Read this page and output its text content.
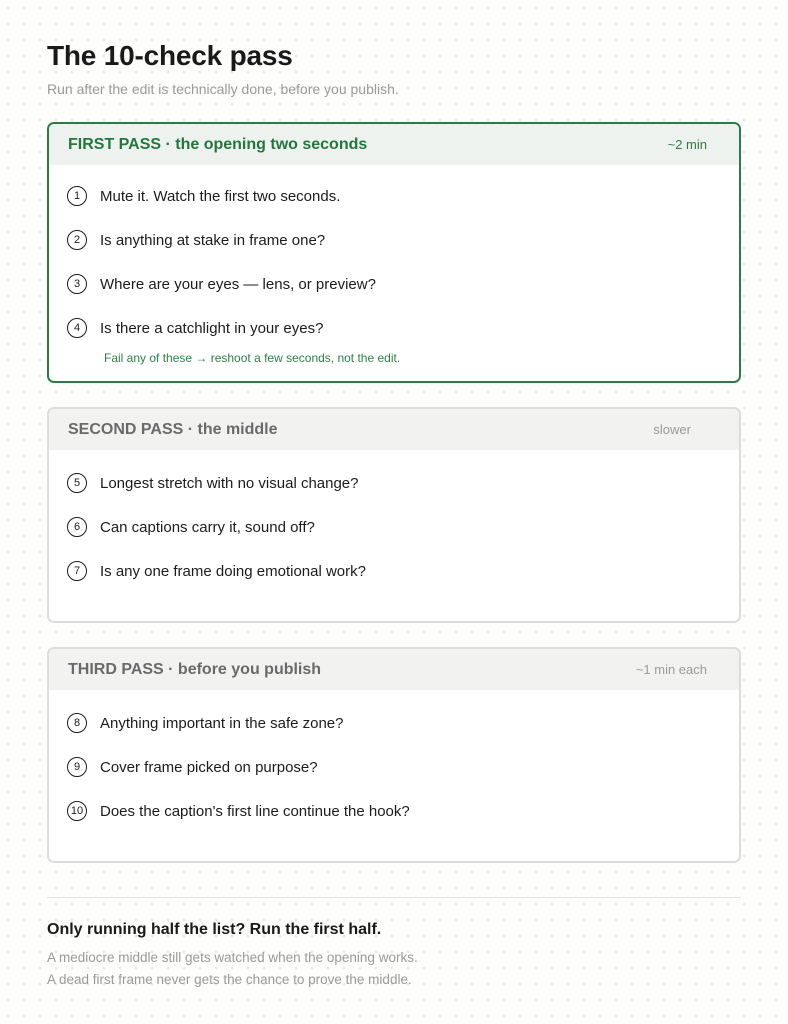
The 10-check pass
Run after the edit is technically done, before you publish.
FIRST PASS · the opening two seconds	~2 min
1	Mute it. Watch the first two seconds.
2	Is anything at stake in frame one?
3	Where are your eyes — lens, or preview?
4	Is there a catchlight in your eyes?
Fail any of these → reshoot a few seconds, not the edit.
SECOND PASS · the middle	slower
5	Longest stretch with no visual change?
6	Can captions carry it, sound off?
7	Is any one frame doing emotional work?
THIRD PASS · before you publish	~1 min each
8	Anything important in the safe zone?
9	Cover frame picked on purpose?
10 Does the caption's first line continue the hook?
Only running half the list? Run the first half.
A mediocre middle still gets watched when the opening works.
A dead first frame never gets the chance to prove the middle.
